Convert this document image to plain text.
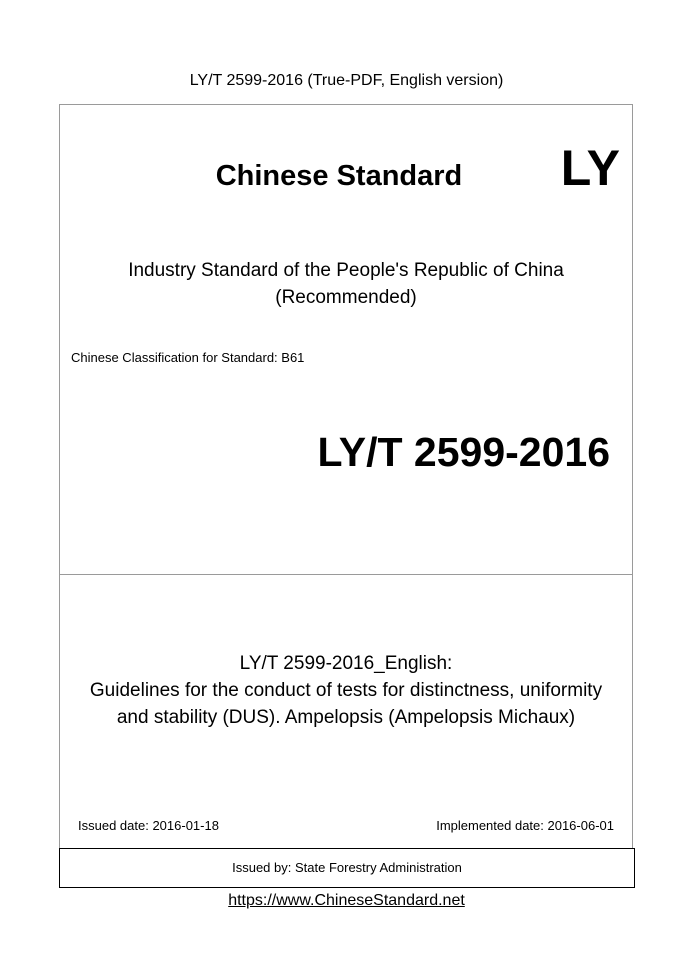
LY/T 2599-2016 (True-PDF, English version)
Chinese Standard	LY
Industry Standard of the People's Republic of China
(Recommended)
Chinese Classification for Standard: B61
LY/T 2599-2016
LY/T 2599-2016_English:
Guidelines for the conduct of tests for distinctness, uniformity
and stability (DUS). Ampelopsis (Ampelopsis Michaux)
Issued date: 2016-01-18	Implemented date: 2016-06-01
Issued by: State Forestry Administration
https://www.ChineseStandard.net
